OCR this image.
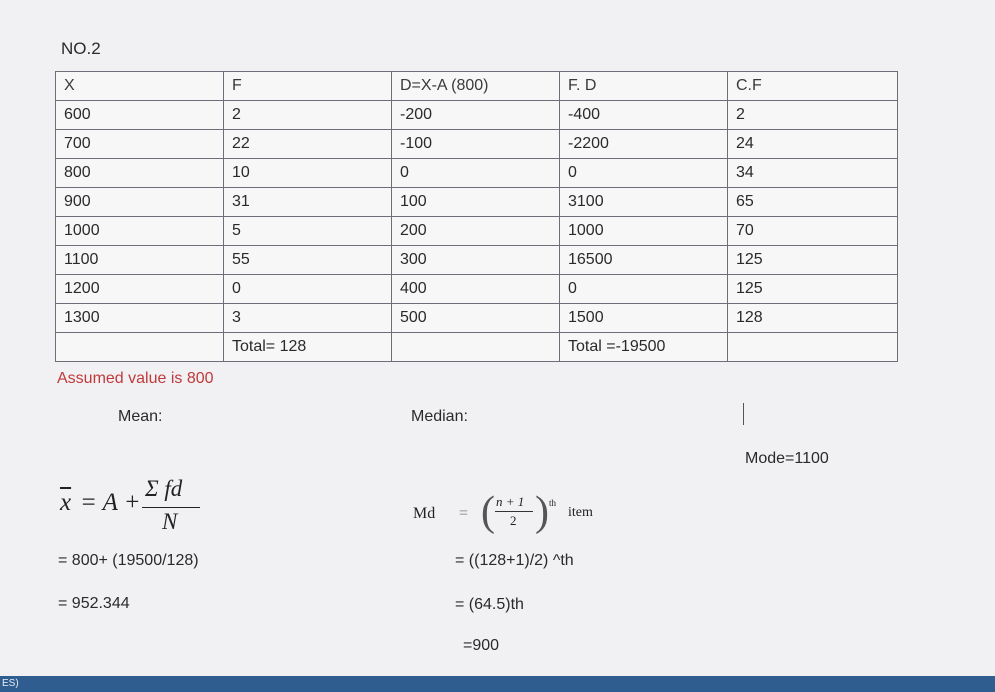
NO.2
X	F	D=X-A (800)	F. D	C.F
600	2	-200	-400	2
700	22	-100	-2200	24
800	10	0	0	34
900	31	100	3100	65
1000	5	200	1000	70
1100	55	300	16500	125
1200	0	400	0	125
1300	3	500	1500	128
	Total= 128		Total =-19500	
Assumed value is 800
Mean:	Median:
Mode=1100
$\overline{x} = A$ +
Σ fd
N	Md = ( n + 1
2 ) th
item
= 800+ (19500/128)
= 952.344
= ((128+1)/2) ^th
= (64.5)th
=900
ES)
